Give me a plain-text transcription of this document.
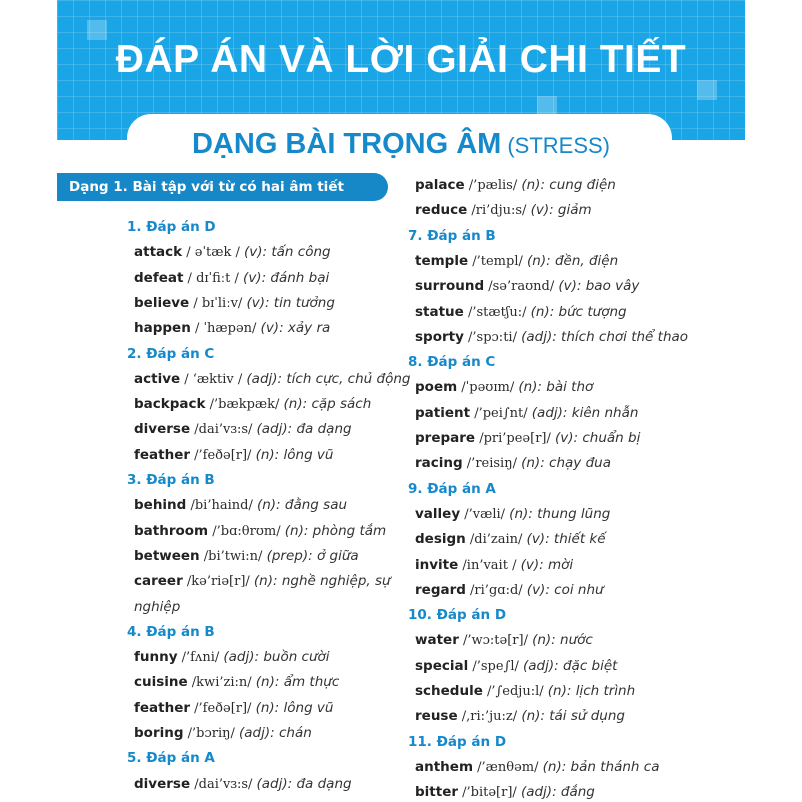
ĐÁP ÁN VÀ LỜI GIẢI CHI TIẾT
DẠNG BÀI TRỌNG ÂM (STRESS)
Dạng 1. Bài tập với từ có hai âm tiết
1. Đáp án D
attack / əˈtæk / (v): tấn công
defeat / dɪˈfiːt / (v): đánh bại
believe / bɪˈliːv/ (v): tin tưởng
happen / ˈhæpən/ (v): xảy ra
2. Đáp án C
active / ‘æktiv / (adj): tích cực, chủ động
backpack /’bækpæk/ (n): cặp sách
diverse /dai’vɜ:s/ (adj): đa dạng
feather /’feðə[r]/ (n): lông vũ
3. Đáp án B
behind /bi’haind/ (n): đằng sau
bathroom /’bɑ:θrʊm/ (n): phòng tắm
between /bi’twi:n/ (prep): ở giữa
career /kə’riə[r]/ (n): nghề nghiệp, sự
nghiệp
4. Đáp án B
funny /’fʌni/ (adj): buồn cười
cuisine /kwi’zi:n/ (n): ẩm thực
feather /’feðə[r]/ (n): lông vũ
boring /’bɔriŋ/ (adj): chán
5. Đáp án A
diverse /dai’vɜ:s/ (adj): đa dạng
palace /’pælis/ (n): cung điện
reduce /ri’dju:s/ (v): giảm
7. Đáp án B
temple /’templ/ (n): đền, điện
surround /sə’raʊnd/ (v): bao vây
statue /’stætʃu:/ (n): bức tượng
sporty /’spɔ:ti/ (adj): thích chơi thể thao
8. Đáp án C
poem /ˈpəʊɪm/ (n): bài thơ
patient /’pei∫nt/ (adj): kiên nhẫn
prepare /pri’peə[r]/ (v): chuẩn bị
racing /’reisiŋ/ (n): chạy đua
9. Đáp án A
valley /’væli/ (n): thung lũng
design /di’zain/ (v): thiết kế
invite /in’vait / (v): mời
regard /ri’gɑ:d/ (v): coi như
10. Đáp án D
water /’wɔ:tə[r]/ (n): nước
special /’spe∫l/ (adj): đặc biệt
schedule /’∫edju:l/ (n): lịch trình
reuse /,ri:’ju:z/ (n): tái sử dụng
11. Đáp án D
anthem /’ænθəm/ (n): bản thánh ca
bitter /’bitə[r]/ (adj): đắng
